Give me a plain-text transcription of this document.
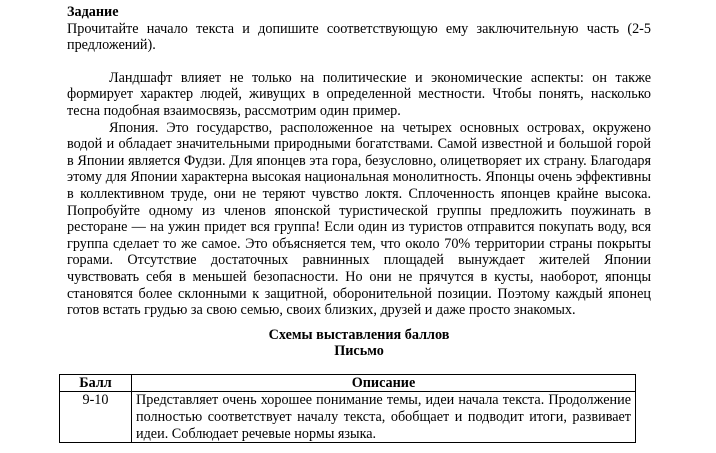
Задание

Прочитайте начало текста и допишите соответствующую ему заключительную часть (2-5 предложений).

Ландшафт влияет не только на политические и экономические аспекты: он также формирует характер людей, живущих в определенной местности. Чтобы понять, насколько тесна подобная взаимосвязь, рассмотрим один пример.

Япония. Это государство, расположенное на четырех основных островах, окружено водой и обладает значительными природными богатствами. Самой известной и большой горой в Японии является Фудзи. Для японцев эта гора, безусловно, олицетворяет их страну. Благодаря этому для Японии характерна высокая национальная монолитность. Японцы очень эффективны в коллективном труде, они не теряют чувство локтя. Сплоченность японцев крайне высока. Попробуйте одному из членов японской туристической группы предложить поужинать в ресторане — на ужин придет вся группа! Если один из туристов отправится покупать воду, вся группа сделает то же самое. Это объясняется тем, что около 70% территории страны покрыты горами. Отсутствие достаточных равнинных площадей вынуждает жителей Японии чувствовать себя в меньшей безопасности. Но они не прячутся в кусты, наоборот, японцы становятся более склонными к защитной, оборонительной позиции. Поэтому каждый японец готов встать грудью за свою семью, своих близких, друзей и даже просто знакомых.

Схемы выставления баллов

Письмо

Балл	Описание
9-10	Представляет очень хорошее понимание темы, идеи начала текста. Продолжение полностью соответствует началу текста, обобщает и подводит итоги, развивает идеи. Соблюдает речевые нормы языка.
